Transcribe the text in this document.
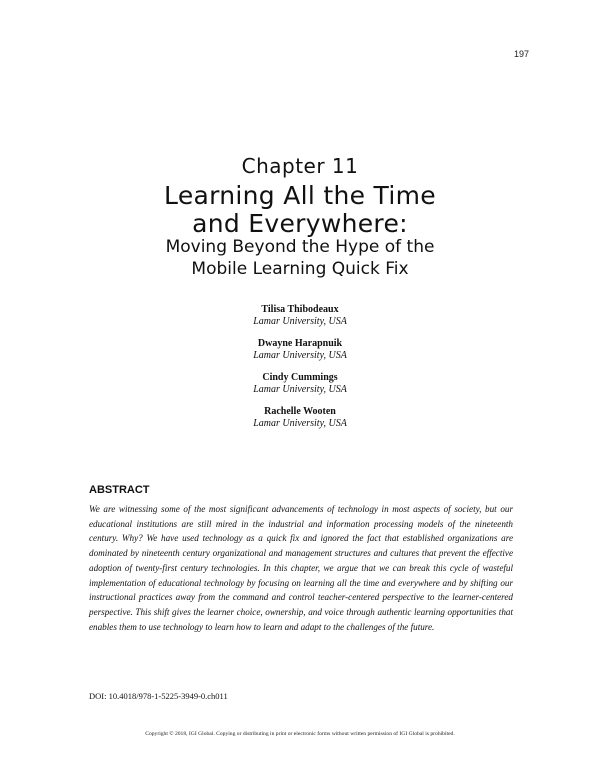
197
Chapter 11
Learning All the Time
and Everywhere:
Moving Beyond the Hype of the
Mobile Learning Quick Fix
Tilisa Thibodeaux
Lamar University, USA
Dwayne Harapnuik
Lamar University, USA
Cindy Cummings
Lamar University, USA
Rachelle Wooten
Lamar University, USA
ABSTRACT
We are witnessing some of the most significant advancements of technology in most aspects of society, but our educational institutions are still mired in the industrial and information processing models of the nineteenth century. Why? We have used technology as a quick fix and ignored the fact that established organizations are dominated by nineteenth century organizational and management structures and cultures that prevent the effective adoption of twenty-first century technologies. In this chapter, we argue that we can break this cycle of wasteful implementation of educational technology by focusing on learning all the time and everywhere and by shifting our instructional practices away from the command and control teacher-centered perspective to the learner-centered perspective. This shift gives the learner choice, ownership, and voice through authentic learning opportunities that enables them to use technology to learn how to learn and adapt to the challenges of the future.
DOI: 10.4018/978-1-5225-3949-0.ch011
Copyright © 2018, IGI Global. Copying or distributing in print or electronic forms without written permission of IGI Global is prohibited.
